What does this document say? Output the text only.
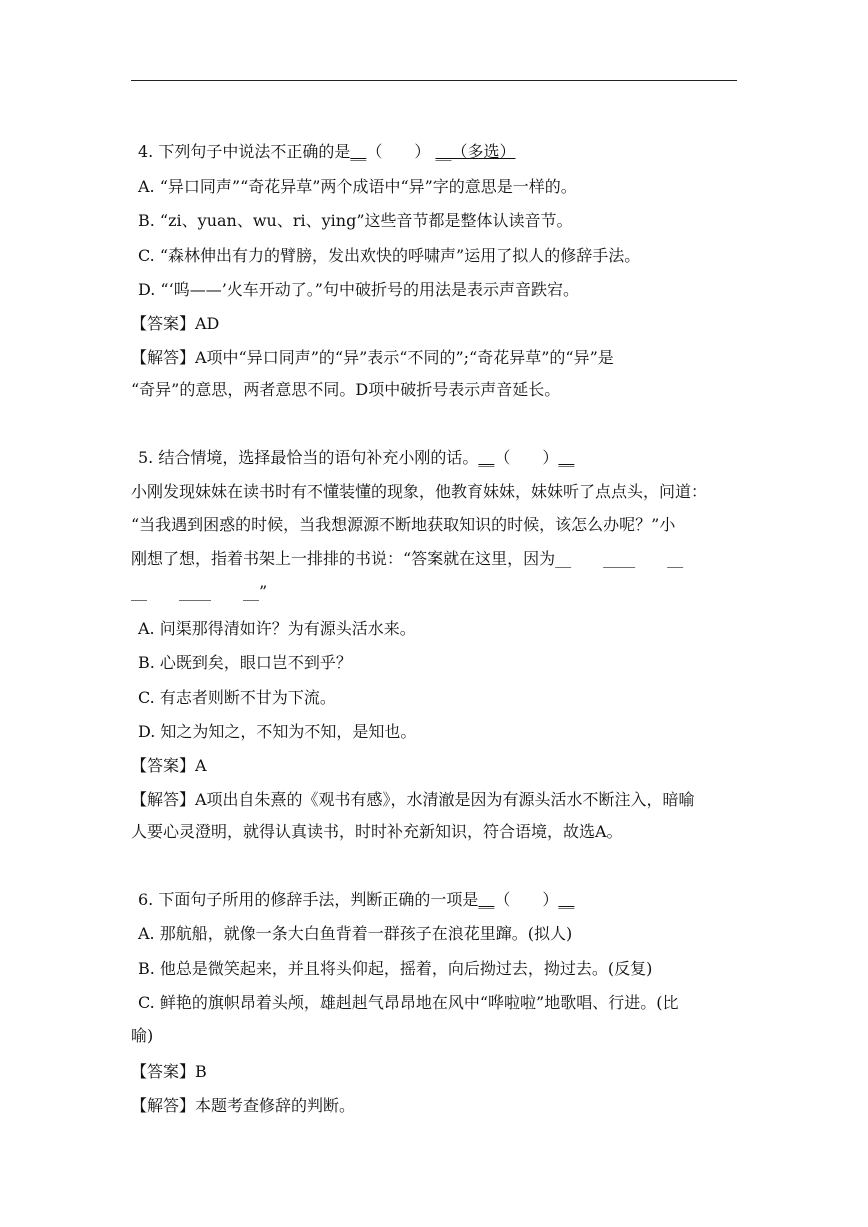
4. 下列句子中说法不正确的是__（　　） __（多选）
A. “异口同声”“奇花异草”两个成语中“异”字的意思是一样的。
B. “zi、yuan、wu、ri、ying”这些音节都是整体认读音节。
C. “森林伸出有力的臂膀，发出欢快的呼啸声”运用了拟人的修辞手法。
D. “‘呜——’火车开动了。”句中破折号的用法是表示声音跌宕。
【答案】AD
【解答】A项中“异口同声”的“异”表示“不同的”;“奇花异草”的“异”是
“奇异”的意思，两者意思不同。D项中破折号表示声音延长。
5. 结合情境，选择最恰当的语句补充小刚的话。__（　　）__
小刚发现妹妹在读书时有不懂装懂的现象，他教育妹妹，妹妹听了点点头，问道：
“当我遇到困惑的时候，当我想源源不断地获取知识的时候，该怎么办呢？”小
刚想了想，指着书架上一排排的书说：“答案就在这里，因为__　　____　　__
__　　____　　__”
A. 问渠那得清如许？为有源头活水来。
B. 心既到矣，眼口岂不到乎？
C. 有志者则断不甘为下流。
D. 知之为知之，不知为不知，是知也。
【答案】A
【解答】A项出自朱熹的《观书有感》，水清澈是因为有源头活水不断注入，暗喻
人要心灵澄明，就得认真读书，时时补充新知识，符合语境，故选A。
6. 下面句子所用的修辞手法，判断正确的一项是__（　　）__
A. 那航船，就像一条大白鱼背着一群孩子在浪花里蹿。(拟人)
B. 他总是微笑起来，并且将头仰起，摇着，向后拗过去，拗过去。(反复)
C. 鲜艳的旗帜昂着头颅，雄赳赳气昂昂地在风中“哗啦啦”地歌唱、行进。(比
喻)
【答案】B
【解答】本题考查修辞的判断。
